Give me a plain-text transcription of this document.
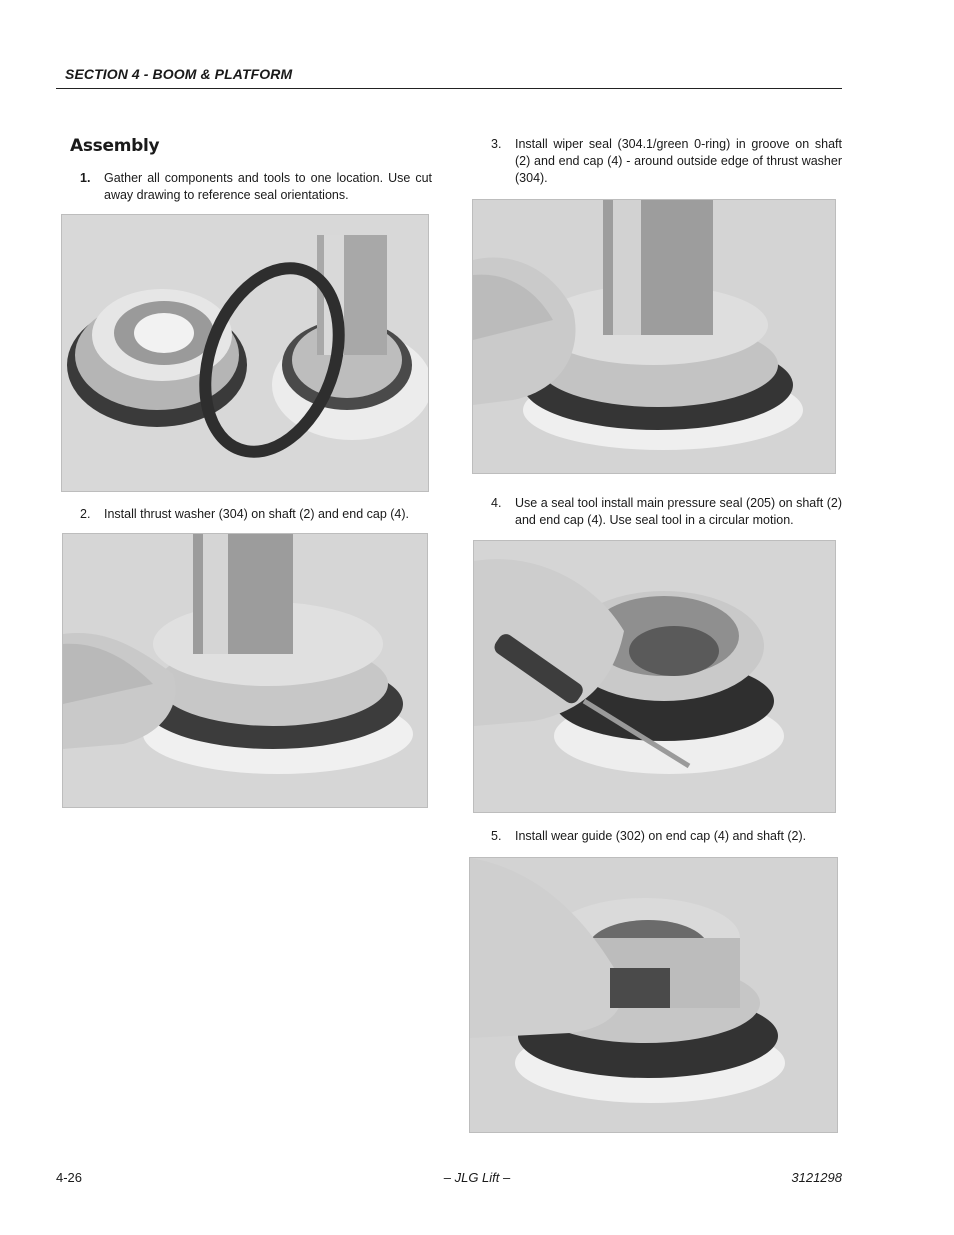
SECTION 4 - BOOM & PLATFORM
Assembly
1. Gather all components and tools to one location. Use cut away drawing to reference seal orientations.
2. Install thrust washer (304) on shaft (2) and end cap (4).
3. Install wiper seal (304.1/green 0-ring) in groove on shaft (2) and end cap (4) - around outside edge of thrust washer (304).
4. Use a seal tool install main pressure seal (205) on shaft (2) and end cap (4). Use seal tool in a circular motion.
5. Install wear guide (302) on end cap (4) and shaft (2).
4-26	– JLG Lift –	3121298
